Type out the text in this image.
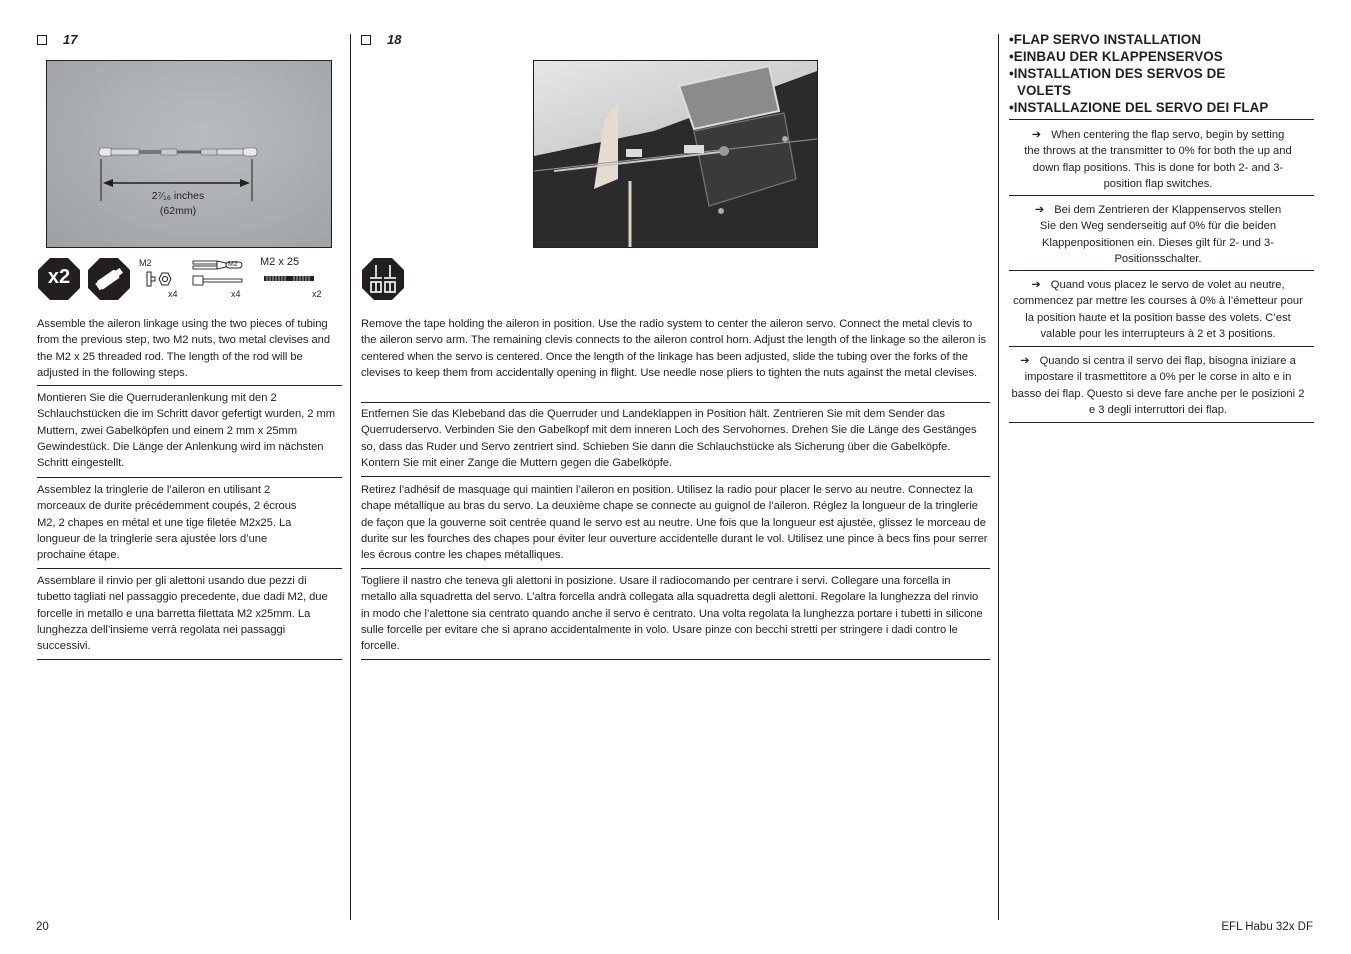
17
2⁷⁄₁₆ inches
(62mm)
x2
M2
x4
M2
x4
M2 x 25
x2
Assemble the aileron linkage using the two pieces of tubing from the previous step, two M2 nuts, two metal clevises and the M2 x 25 threaded rod. The length of the rod will be adjusted in the following steps.
Montieren Sie die Querruderanlenkung mit den 2 Schlauchstücken die im Schritt davor gefertigt wurden, 2 mm Muttern, zwei Gabelköpfen und einem 2 mm x 25mm Gewindestück. Die Länge der Anlenkung wird im nächsten Schritt eingestellt.
Assemblez la tringlerie de l’aileron en utilisant 2 morceaux de durite précédemment coupés, 2 écrous M2, 2 chapes en métal et une tige filetée M2x25. La longueur de la tringlerie sera ajustée lors d’une prochaine étape.
Assemblare il rinvio per gli alettoni usando due pezzi di tubetto tagliati nel passaggio precedente, due dadi M2, due forcelle in metallo e una barretta filettata M2 x25mm. La lunghezza dell’insieme verrà regolata nei passaggi successivi.
18
Remove the tape holding the aileron in position. Use the radio system to center the aileron servo. Connect the metal clevis to the aileron servo arm. The remaining clevis connects to the aileron control horn. Adjust the length of the linkage so the aileron is centered when the servo is centered. Once the length of the linkage has been adjusted, slide the tubing over the forks of the clevises to keep them from accidentally opening in flight. Use needle nose pliers to tighten the nuts against the metal clevises.
Entfernen Sie das Klebeband das die Querruder und Landeklappen in Position hält. Zentrieren Sie mit dem Sender das Querruderservo. Verbinden Sie den Gabelkopf mit dem inneren Loch des Servohornes. Drehen Sie die Länge des Gestänges so, dass das Ruder und Servo zentriert sind. Schieben Sie dann die Schlauchstücke als Sicherung über die Gabelköpfe. Kontern Sie mit einer Zange die Muttern gegen die Gabelköpfe.
Retirez l’adhésif de masquage qui maintien l’aileron en position. Utilisez la radio pour placer le servo au neutre. Connectez la chape métallique au bras du servo. La deuxième chape se connecte au guignol de l’aileron. Réglez la longueur de la tringlerie de façon que la gouverne soit centrée quand le servo est au neutre. Une fois que la longueur est ajustée, glissez le morceau de durite sur les fourches des chapes pour éviter leur ouverture accidentelle durant le vol. Utilisez une pince à becs fins pour serrer les écrous contre les chapes métalliques.
Togliere il nastro che teneva gli alettoni in posizione. Usare il radiocomando per centrare i servi. Collegare una forcella in metallo alla squadretta del servo. L’altra forcella andrà collegata alla squadretta degli alettoni. Regolare la lunghezza del rinvio in modo che l’alettone sia centrato quando anche il servo è centrato. Una volta regolata la lunghezza portare i tubetti in silicone sulle forcelle per evitare che si aprano accidentalmente in volo. Usare pinze con becchi stretti per stringere i dadi contro le forcelle.
•FLAP SERVO INSTALLATION
•EINBAU DER KLAPPENSERVOS
•INSTALLATION DES SERVOS DE
VOLETS
•INSTALLAZIONE DEL SERVO DEI FLAP
➔ When centering the flap servo, begin by setting the throws at the transmitter to 0% for both the up and down flap positions. This is done for both 2- and 3-position flap switches.
➔ Bei dem Zentrieren der Klappenservos stellen Sie den Weg senderseitig auf 0% für die beiden Klappenpositionen ein. Dieses gilt für 2- und 3-Positionsschalter.
➔ Quand vous placez le servo de volet au neutre, commencez par mettre les courses à 0% à l’émetteur pour la position haute et la position basse des volets. C’est valable pour les interrupteurs à 2 et 3 positions.
➔ Quando si centra il servo dei flap, bisogna iniziare a impostare il trasmettitore a 0% per le corse in alto e in basso dei flap. Questo si deve fare anche per le posizioni 2 e 3 degli interruttori dei flap.
20	EFL Habu 32x DF
